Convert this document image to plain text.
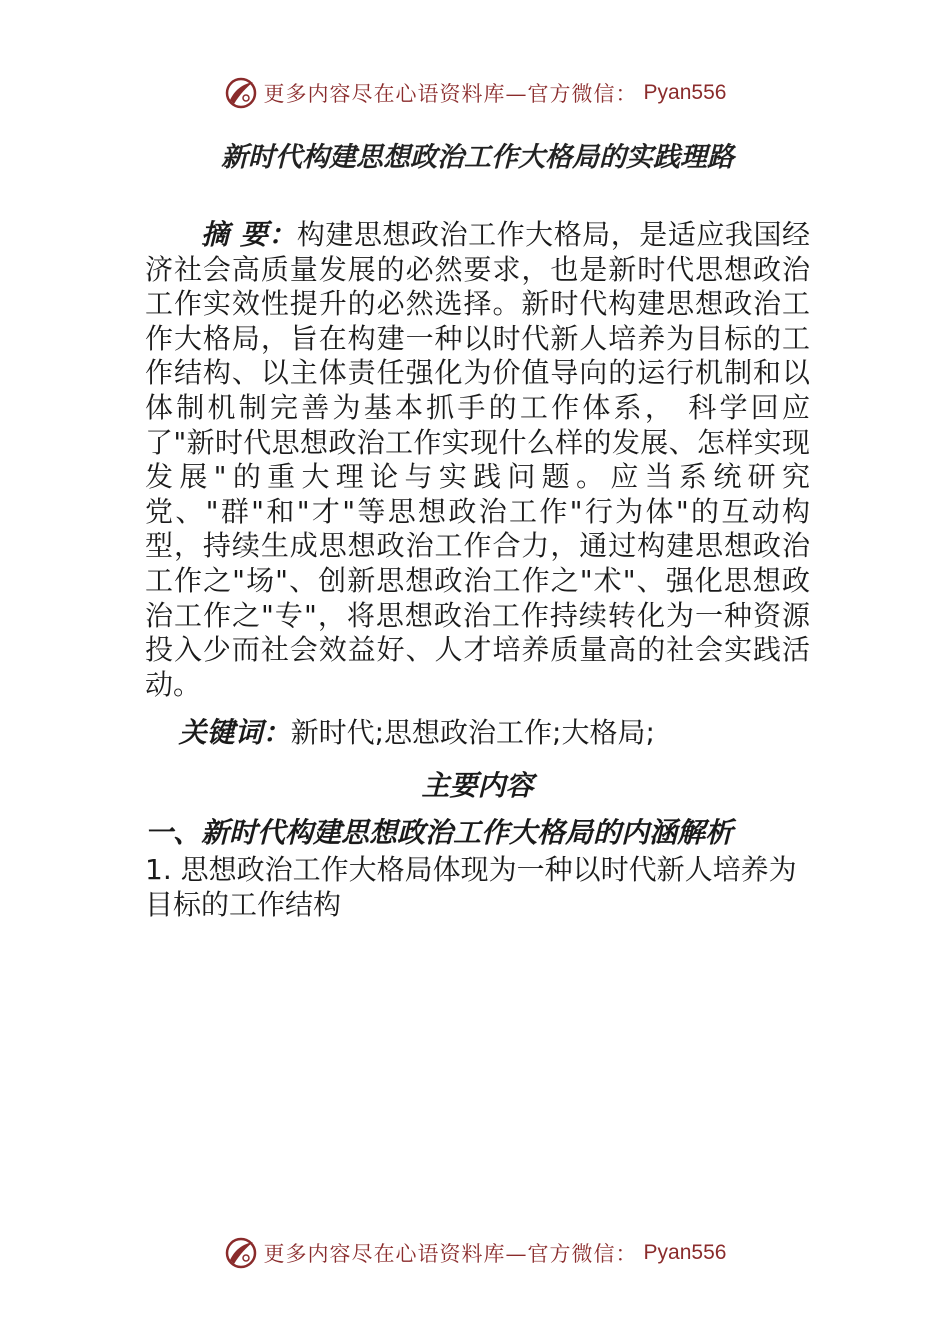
更多内容尽在心语资料库—官方微信： Pyan556
新时代构建思想政治工作大格局的实践理路

摘 要：构建思想政治工作大格局，是适应我国经济社会高质量发展的必然要求，也是新时代思想政治工作实效性提升的必然选择。新时代构建思想政治工作大格局，旨在构建一种以时代新人培养为目标的工作结构、以主体责任强化为价值导向的运行机制和以体制机制完善为基本抓手的工作体系， 科学回应了"新时代思想政治工作实现什么样的发展、怎样实现发展"的重大理论与实践问题。应当系统研究党、"群"和"才"等思想政治工作"行为体"的互动构型，持续生成思想政治工作合力，通过构建思想政治工作之"场"、创新思想政治工作之"术"、强化思想政治工作之"专"，将思想政治工作持续转化为一种资源投入少而社会效益好、人才培养质量高的社会实践活动。

关键词：新时代;思想政治工作;大格局;

主要内容
一、新时代构建思想政治工作大格局的内涵解析
1. 思想政治工作大格局体现为一种以时代新人培养为目标的工作结构
更多内容尽在心语资料库—官方微信： Pyan556
